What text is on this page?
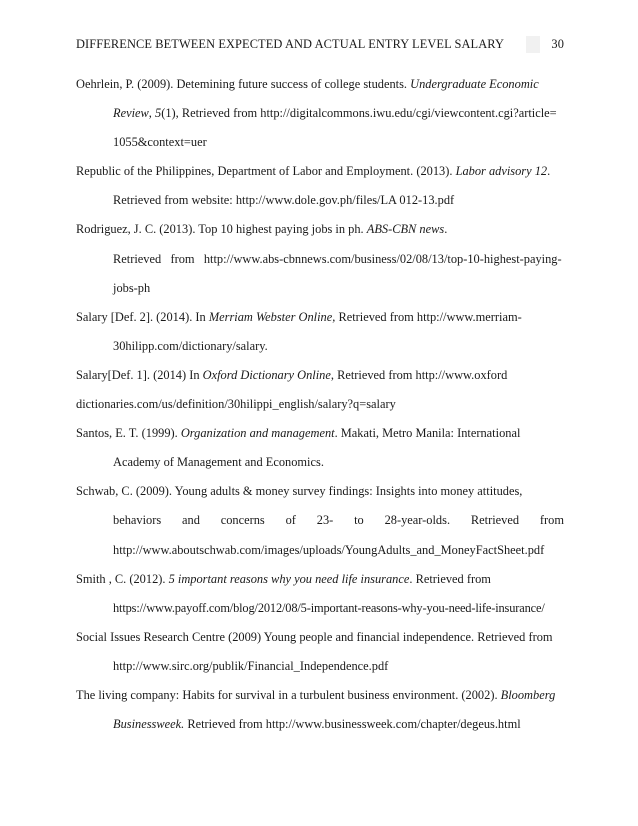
DIFFERENCE BETWEEN EXPECTED AND ACTUAL ENTRY LEVEL SALARY	30
Oehrlein, P. (2009). Detemining future success of college students. Undergraduate Economic
Review, 5(1), Retrieved from http://digitalcommons.iwu.edu/cgi/viewcontent.cgi?article=
1055&context=uer
Republic of the Philippines, Department of Labor and Employment. (2013). Labor advisory 12.
Retrieved from website: http://www.dole.gov.ph/files/LA 012-13.pdf
Rodriguez, J. C. (2013). Top 10 highest paying jobs in ph. ABS-CBN news.
Retrieved   from   http://www.abs-cbnnews.com/business/02/08/13/top-10-highest-paying-
jobs-ph
Salary [Def. 2]. (2014). In Merriam Webster Online, Retrieved from http://www.merriam-
30hilipp.com/dictionary/salary.
Salary[Def. 1]. (2014) In Oxford Dictionary Online, Retrieved from http://www.oxford
dictionaries.com/us/definition/30hilippi_english/salary?q=salary
Santos, E. T. (1999). Organization and management. Makati, Metro Manila: International
Academy of Management and Economics.
Schwab, C. (2009). Young adults & money survey findings: Insights into money attitudes,
behaviors and concerns of 23- to 28-year-olds. Retrieved from
http://www.aboutschwab.com/images/uploads/YoungAdults_and_MoneyFactSheet.pdf
Smith , C. (2012). 5 important reasons why you need life insurance. Retrieved from
https://www.payoff.com/blog/2012/08/5-important-reasons-why-you-need-life-insurance/
Social Issues Research Centre (2009) Young people and financial independence. Retrieved from
http://www.sirc.org/publik/Financial_Independence.pdf
The living company: Habits for survival in a turbulent business environment. (2002). Bloomberg
Businessweek. Retrieved from http://www.businessweek.com/chapter/degeus.html
